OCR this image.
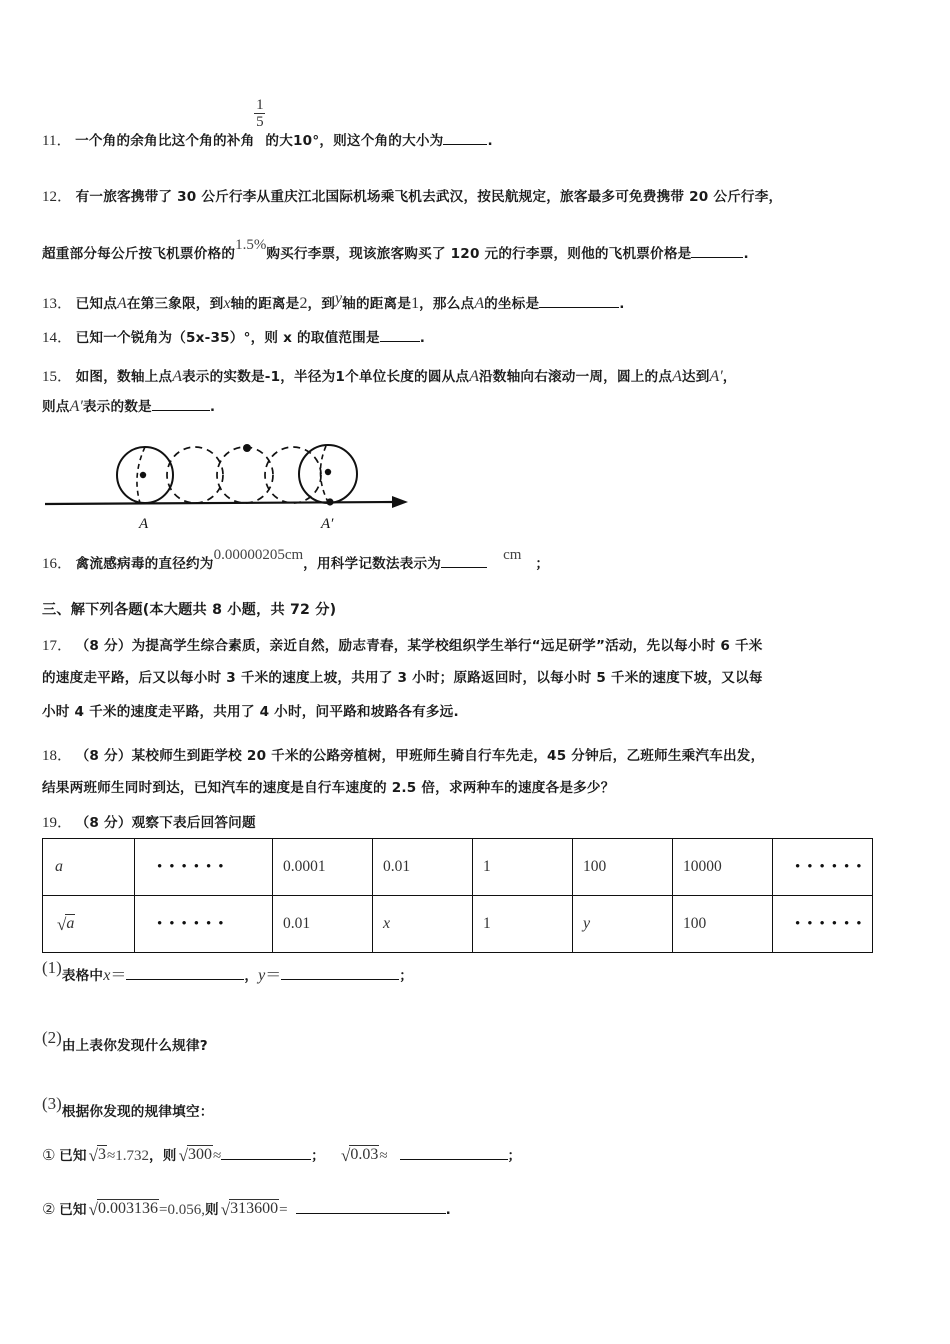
11． 一个角的余角比这个角的补角 $\frac{1}{5}$ 的大10°，则这个角的大小为	.
12． 有一旅客携带了 30 公斤行李从重庆江北国际机场乘飞机去武汉，按民航规定，旅客最多可免费携带 20 公斤行李，
超重部分每公斤按飞机票价格的1.5%购买行李票，现该旅客购买了 120 元的行李票，则他的飞机票价格是	.
13． 已知点A在第三象限，到x轴的距离是2，到y轴的距离是1，那么点A的坐标是	.
14． 已知一个锐角为（5x‐35）°，则 x 的取值范围是	.
15． 如图，数轴上点A表示的实数是-1，半径为1个单位长度的圆从点A沿数轴向右滚动一周，圆上的点A达到A′，
则点A′表示的数是	.
A	A′
16． 禽流感病毒的直径约为0.00000205cm，用科学记数法表示为cm；
三、解下列各题(本大题共 8 小题，共 72 分)
17． （8 分）为提高学生综合素质，亲近自然，励志青春，某学校组织学生举行“远足研学”活动，先以每小时 6 千米
的速度走平路，后又以每小时 3 千米的速度上坡，共用了 3 小时；原路返回时，以每小时 5 千米的速度下坡，又以每
小时 4 千米的速度走平路，共用了 4 小时，问平路和坡路各有多远.
18． （8 分）某校师生到距学校 20 千米的公路旁植树，甲班师生骑自行车先走，45 分钟后，乙班师生乘汽车出发，
结果两班师生同时到达，已知汽车的速度是自行车速度的 2.5 倍，求两种车的速度各是多少？
19． （8 分）观察下表后回答问题
a	••••••	0.0001	0.01	1	100	10000	••••••
√a	••••••	0.01	x	1	y	100	••••••
(1)表格中x＝	，y＝	；
(2)由上表你发现什么规律?
(3)根据你发现的规律填空：
① 已知 √3≈1.732，则 √300≈	； √0.03≈	；
② 已知 √0.003136=0.056,则 √313600=	.
